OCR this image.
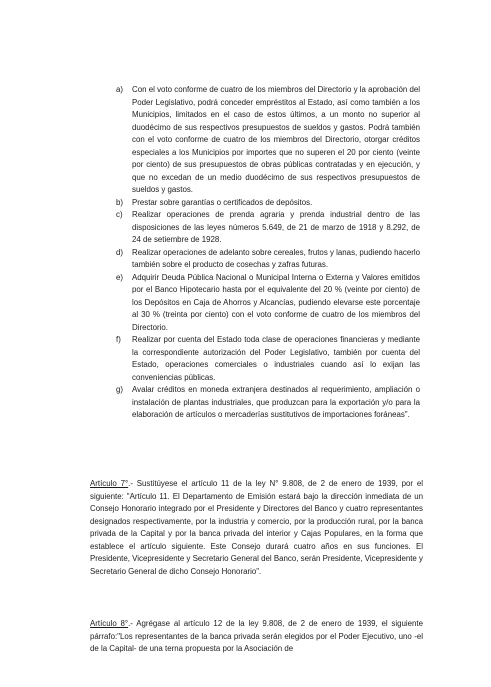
a) Con el voto conforme de cuatro de los miembros del Directorio y la aprobación del Poder Legislativo, podrá conceder empréstitos al Estado, así como también a los Municipios, limitados en el caso de estos últimos, a un monto no superior al duodécimo de sus respectivos presupuestos de sueldos y gastos. Podrá también con el voto conforme de cuatro de los miembros del Directorio, otorgar créditos especiales a los Municipios por importes que no superen el 20 por ciento (veinte por ciento) de sus presupuestos de obras públicas contratadas y en ejecución, y que no excedan de un medio duodécimo de sus respectivos presupuestos de sueldos y gastos.
b) Prestar sobre garantías o certificados de depósitos.
c) Realizar operaciones de prenda agraria y prenda industrial dentro de las disposiciones de las leyes números 5.649, de 21 de marzo de 1918 y 8.292, de 24 de setiembre de 1928.
d) Realizar operaciones de adelanto sobre cereales, frutos y lanas, pudiendo hacerlo también sobre el producto de cosechas y zafras futuras.
e) Adquirir Deuda Pública Nacional o Municipal Interna o Externa y Valores emitidos por el Banco Hipotecario hasta por el equivalente del 20 % (veinte por ciento) de los Depósitos en Caja de Ahorros y Alcancías, pudiendo elevarse este porcentaje al 30 % (treinta por ciento) con el voto conforme de cuatro de los miembros del Directorio.
f) Realizar por cuenta del Estado toda clase de operaciones financieras y mediante la correspondiente autorización del Poder Legislativo, también por cuenta del Estado, operaciones comerciales o industriales cuando así lo exijan las conveniencias públicas.
g) Avalar créditos en moneda extranjera destinados al requerimiento, ampliación o instalación de plantas industriales, que produzcan para la exportación y/o para la elaboración de artículos o mercaderías sustitutivos de importaciones foráneas".

Artículo 7°.- Sustitúyese el artículo 11 de la ley N° 9.808, de 2 de enero de 1939, por el siguiente: "Artículo 11. El Departamento de Emisión estará bajo la dirección inmediata de un Consejo Honorario integrado por el Presidente y Directores del Banco y cuatro representantes designados respectivamente, por la industria y comercio, por la producción rural, por la banca privada de la Capital y por la banca privada del interior y Cajas Populares, en la forma que establece el artículo siguiente. Este Consejo durará cuatro años en sus funciones. El Presidente, Vicepresidente y Secretario General del Banco, serán Presidente, Vicepresidente y Secretario General de dicho Consejo Honorario".

Artículo 8°.- Agrégase al artículo 12 de la ley 9.808, de 2 de enero de 1939, el siguiente párrafo:"Los representantes de la banca privada serán elegidos por el Poder Ejecutivo, uno -el de la Capital- de una terna propuesta por la Asociación de
